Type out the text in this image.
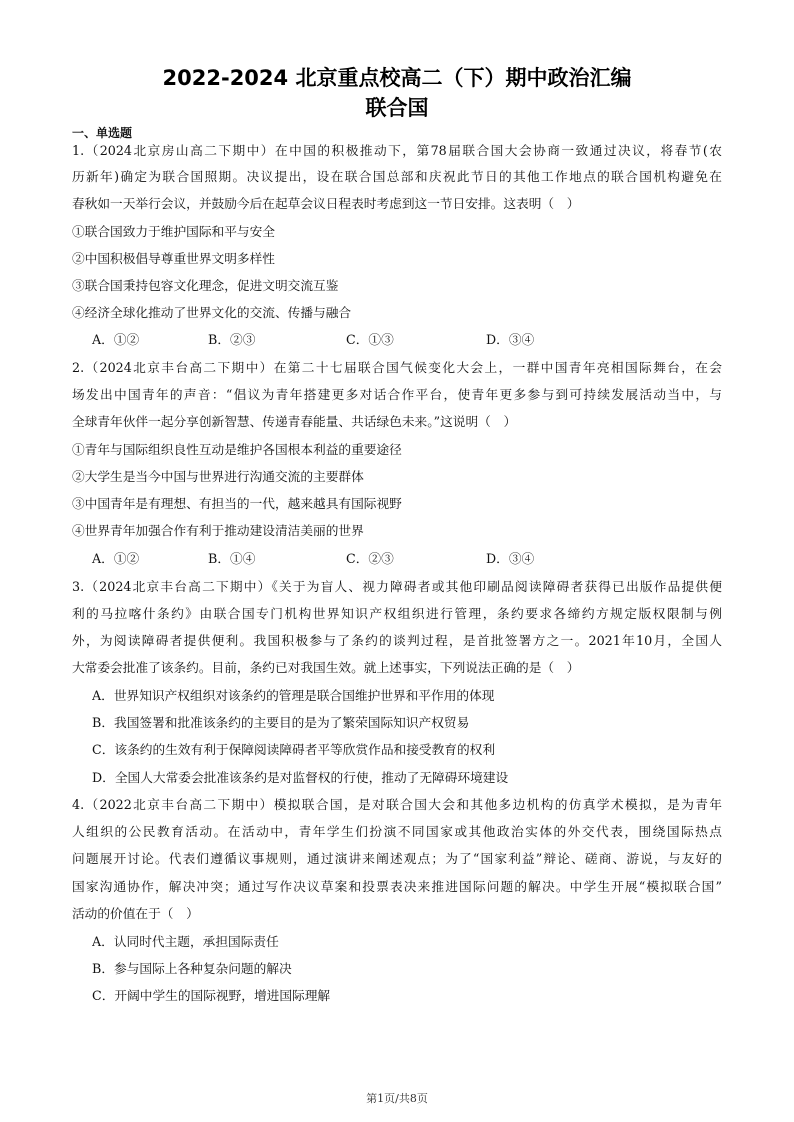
2022-2024 北京重点校高二（下）期中政治汇编
联合国
一、单选题
1.（2024北京房山高二下期中）在中国的积极推动下，第78届联合国大会协商一致通过决议，将春节(农
历新年)确定为联合国照期。决议提出，设在联合国总部和庆祝此节日的其他工作地点的联合国机构避免在
春秋如一天举行会议，并鼓励今后在起草会议日程表时考虑到这一节日安排。这表明（　）
①联合国致力于维护国际和平与安全
②中国积极倡导尊重世界文明多样性
③联合国秉持包容文化理念，促进文明交流互鉴
④经济全球化推动了世界文化的交流、传播与融合
A．①②	B．②③	C．①③	D．③④
2.（2024北京丰台高二下期中）在第二十七届联合国气候变化大会上，一群中国青年亮相国际舞台，在会
场发出中国青年的声音：“倡议为青年搭建更多对话合作平台，使青年更多参与到可持续发展活动当中，与
全球青年伙伴一起分享创新智慧、传递青春能量、共话绿色未来。”这说明（　）
①青年与国际组织良性互动是维护各国根本利益的重要途径
②大学生是当今中国与世界进行沟通交流的主要群体
③中国青年是有理想、有担当的一代，越来越具有国际视野
④世界青年加强合作有利于推动建设清洁美丽的世界
A．①②	B．①④	C．②③	D．③④
3.（2024北京丰台高二下期中）《关于为盲人、视力障碍者或其他印刷品阅读障碍者获得已出版作品提供便
利的马拉喀什条约》由联合国专门机构世界知识产权组织进行管理，条约要求各缔约方规定版权限制与例
外，为阅读障碍者提供便利。我国积极参与了条约的谈判过程，是首批签署方之一。2021年10月，全国人
大常委会批准了该条约。目前，条约已对我国生效。就上述事实，下列说法正确的是（　）
A．世界知识产权组织对该条约的管理是联合国维护世界和平作用的体现
B．我国签署和批准该条约的主要目的是为了繁荣国际知识产权贸易
C．该条约的生效有利于保障阅读障碍者平等欣赏作品和接受教育的权利
D．全国人大常委会批准该条约是对监督权的行使，推动了无障碍环境建设
4.（2022北京丰台高二下期中）模拟联合国，是对联合国大会和其他多边机构的仿真学术模拟，是为青年
人组织的公民教育活动。在活动中，青年学生们扮演不同国家或其他政治实体的外交代表，围绕国际热点
问题展开讨论。代表们遵循议事规则，通过演讲来阐述观点；为了“国家利益”辩论、磋商、游说，与友好的
国家沟通协作，解决冲突；通过写作决议草案和投票表决来推进国际问题的解决。中学生开展“模拟联合国”
活动的价值在于（　）
A．认同时代主题，承担国际责任
B．参与国际上各种复杂问题的解决
C．开阔中学生的国际视野，增进国际理解
第1页/共8页
